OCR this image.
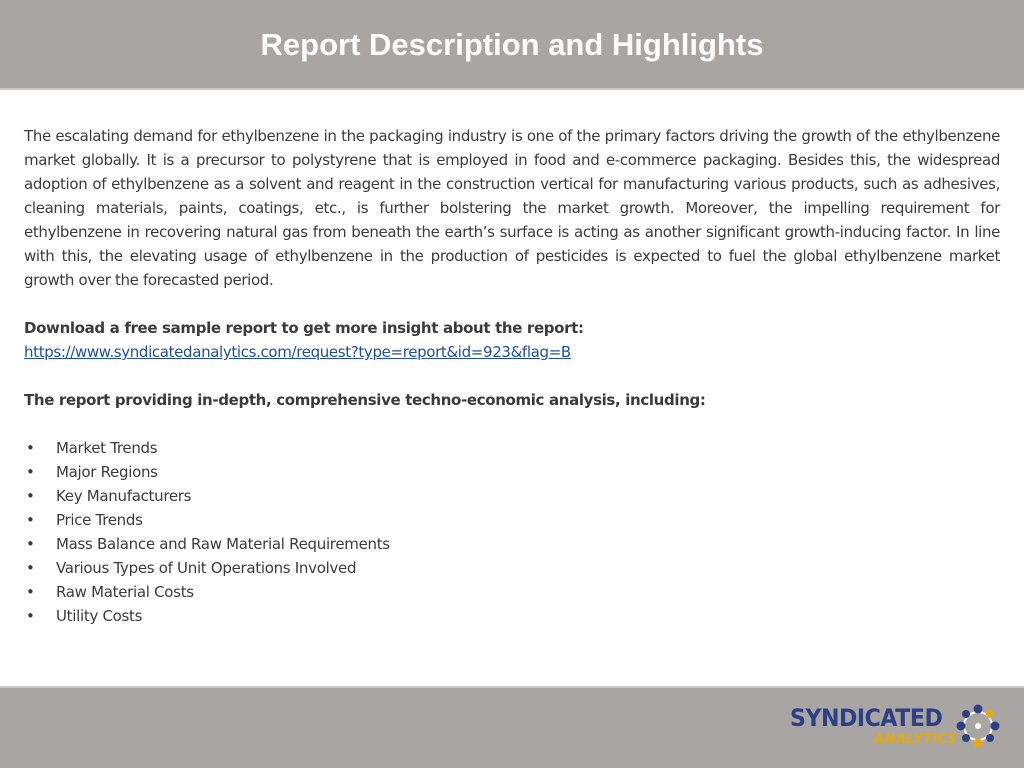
Report Description and Highlights

The escalating demand for ethylbenzene in the packaging industry is one of the primary factors driving the growth of the ethylbenzene market globally. It is a precursor to polystyrene that is employed in food and e-commerce packaging. Besides this, the widespread adoption of ethylbenzene as a solvent and reagent in the construction vertical for manufacturing various products, such as adhesives, cleaning materials, paints, coatings, etc., is further bolstering the market growth. Moreover, the impelling requirement for ethylbenzene in recovering natural gas from beneath the earth’s surface is acting as another significant growth-inducing factor. In line with this, the elevating usage of ethylbenzene in the production of pesticides is expected to fuel the global ethylbenzene market growth over the forecasted period.

Download a free sample report to get more insight about the report:

https://www.syndicatedanalytics.com/request?type=report&id=923&flag=B

The report providing in-depth, comprehensive techno-economic analysis, including:

• Market Trends
• Major Regions
• Key Manufacturers
• Price Trends
• Mass Balance and Raw Material Requirements
• Various Types of Unit Operations Involved
• Raw Material Costs
• Utility Costs
SYNDICATED
ANALYTICS
